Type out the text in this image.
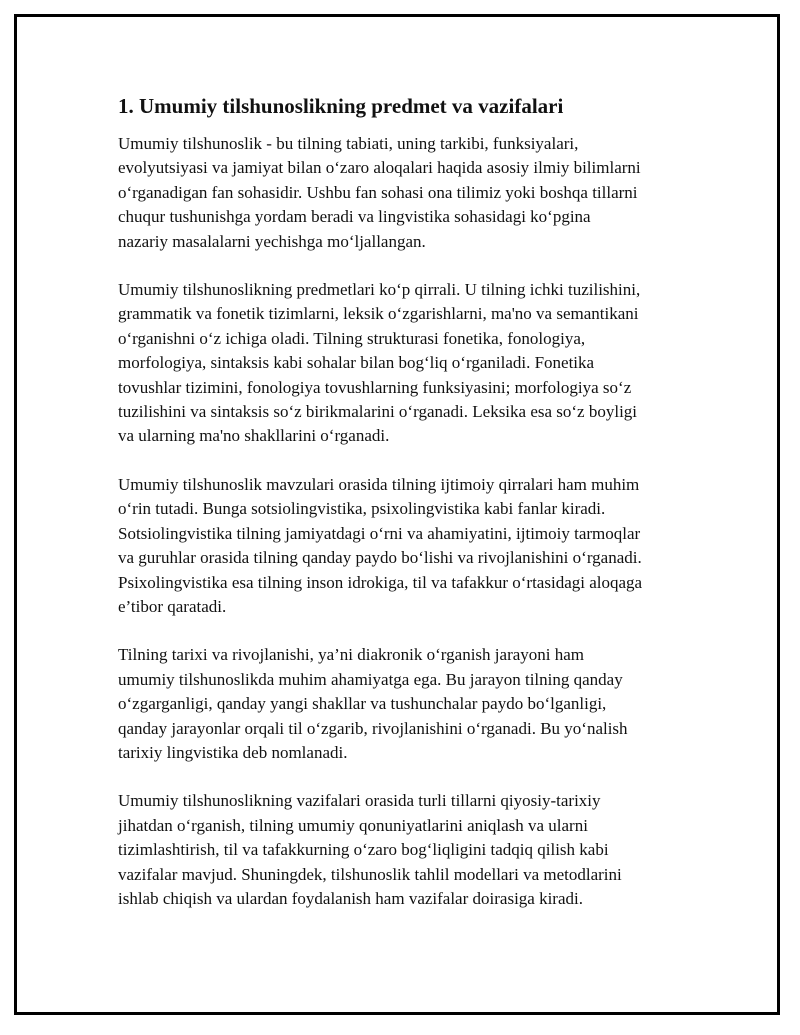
1. Umumiy tilshunoslikning predmet va vazifalari

Umumiy tilshunoslik - bu tilning tabiati, uning tarkibi, funksiyalari,
evolyutsiyasi va jamiyat bilan o‘zaro aloqalari haqida asosiy ilmiy bilimlarni
o‘rganadigan fan sohasidir. Ushbu fan sohasi ona tilimiz yoki boshqa tillarni
chuqur tushunishga yordam beradi va lingvistika sohasidagi ko‘pgina
nazariy masalalarni yechishga mo‘ljallangan.

Umumiy tilshunoslikning predmetlari ko‘p qirrali. U tilning ichki tuzilishini,
grammatik va fonetik tizimlarni, leksik o‘zgarishlarni, ma'no va semantikani
o‘rganishni o‘z ichiga oladi. Tilning strukturasi fonetika, fonologiya,
morfologiya, sintaksis kabi sohalar bilan bog‘liq o‘rganiladi. Fonetika
tovushlar tizimini, fonologiya tovushlarning funksiyasini; morfologiya so‘z
tuzilishini va sintaksis so‘z birikmalarini o‘rganadi. Leksika esa so‘z boyligi
va ularning ma'no shakllarini o‘rganadi.

Umumiy tilshunoslik mavzulari orasida tilning ijtimoiy qirralari ham muhim
o‘rin tutadi. Bunga sotsiolingvistika, psixolingvistika kabi fanlar kiradi.
Sotsiolingvistika tilning jamiyatdagi o‘rni va ahamiyatini, ijtimoiy tarmoqlar
va guruhlar orasida tilning qanday paydo bo‘lishi va rivojlanishini o‘rganadi.
Psixolingvistika esa tilning inson idrokiga, til va tafakkur o‘rtasidagi aloqaga
e’tibor qaratadi.

Tilning tarixi va rivojlanishi, ya’ni diakronik o‘rganish jarayoni ham
umumiy tilshunoslikda muhim ahamiyatga ega. Bu jarayon tilning qanday
o‘zgarganligi, qanday yangi shakllar va tushunchalar paydo bo‘lganligi,
qanday jarayonlar orqali til o‘zgarib, rivojlanishini o‘rganadi. Bu yo‘nalish
tarixiy lingvistika deb nomlanadi.

Umumiy tilshunoslikning vazifalari orasida turli tillarni qiyosiy-tarixiy
jihatdan o‘rganish, tilning umumiy qonuniyatlarini aniqlash va ularni
tizimlashtirish, til va tafakkurning o‘zaro bog‘liqligini tadqiq qilish kabi
vazifalar mavjud. Shuningdek, tilshunoslik tahlil modellari va metodlarini
ishlab chiqish va ulardan foydalanish ham vazifalar doirasiga kiradi.
